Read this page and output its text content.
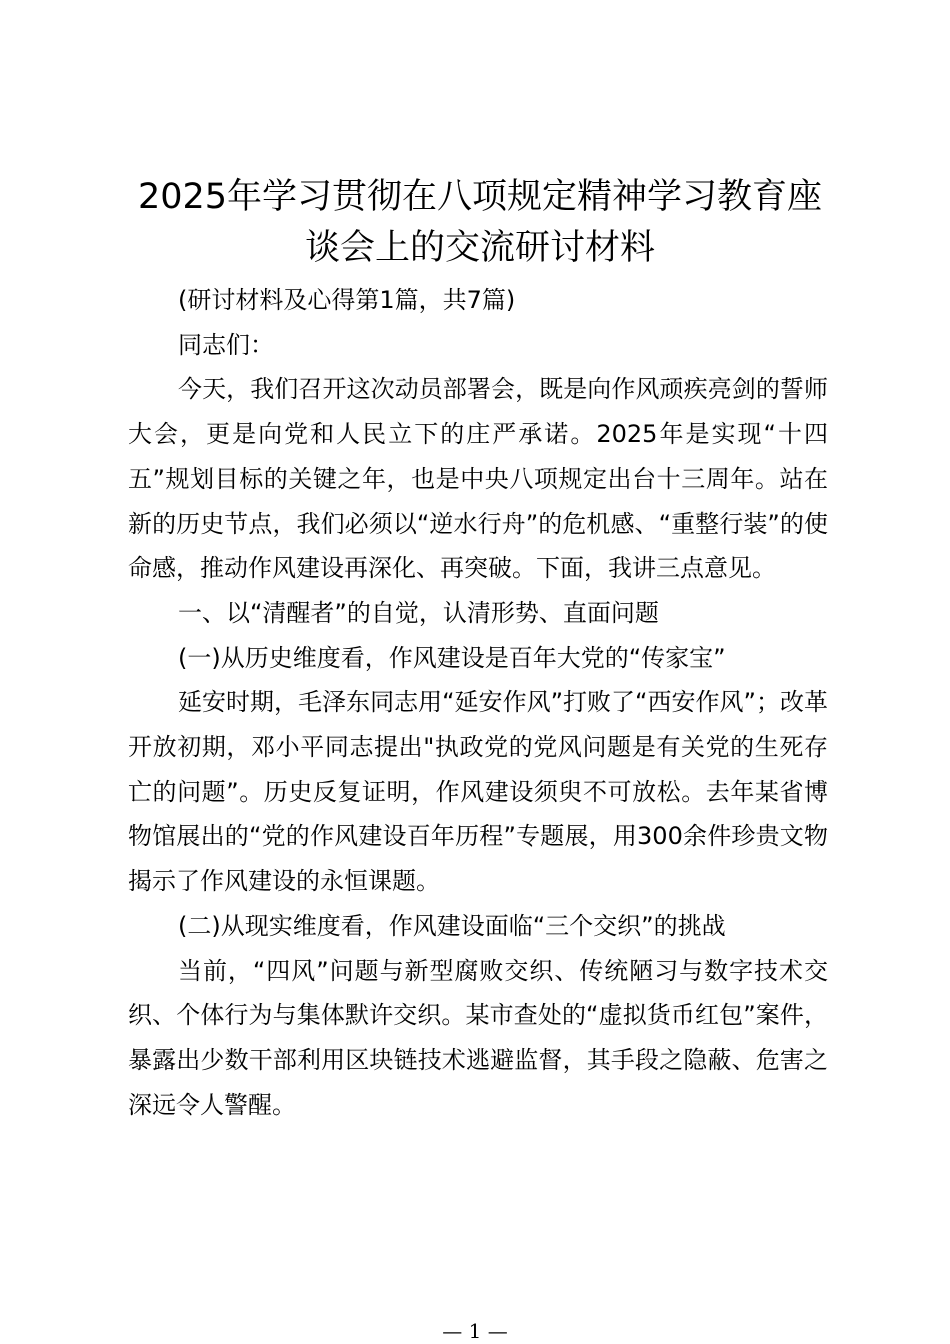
2025年学习贯彻在八项规定精神学习教育座
谈会上的交流研讨材料

(研讨材料及心得第1篇，共7篇)

同志们：

今天，我们召开这次动员部署会，既是向作风顽疾亮剑的誓师大会，更是向党和人民立下的庄严承诺。2025年是实现“十四五”规划目标的关键之年，也是中央八项规定出台十三周年。站在新的历史节点，我们必须以“逆水行舟”的危机感、“重整行装”的使命感，推动作风建设再深化、再突破。下面，我讲三点意见。

一、以“清醒者”的自觉，认清形势、直面问题

(一)从历史维度看，作风建设是百年大党的“传家宝”

延安时期，毛泽东同志用“延安作风”打败了“西安作风”；改革开放初期，邓小平同志提出"执政党的党风问题是有关党的生死存亡的问题”。历史反复证明，作风建设须臾不可放松。去年某省博物馆展出的“党的作风建设百年历程”专题展，用300余件珍贵文物揭示了作风建设的永恒课题。

(二)从现实维度看，作风建设面临“三个交织”的挑战

当前，“四风”问题与新型腐败交织、传统陋习与数字技术交织、个体行为与集体默许交织。某市查处的“虚拟货币红包”案件，暴露出少数干部利用区块链技术逃避监督，其手段之隐蔽、危害之深远令人警醒。

— 1 —
